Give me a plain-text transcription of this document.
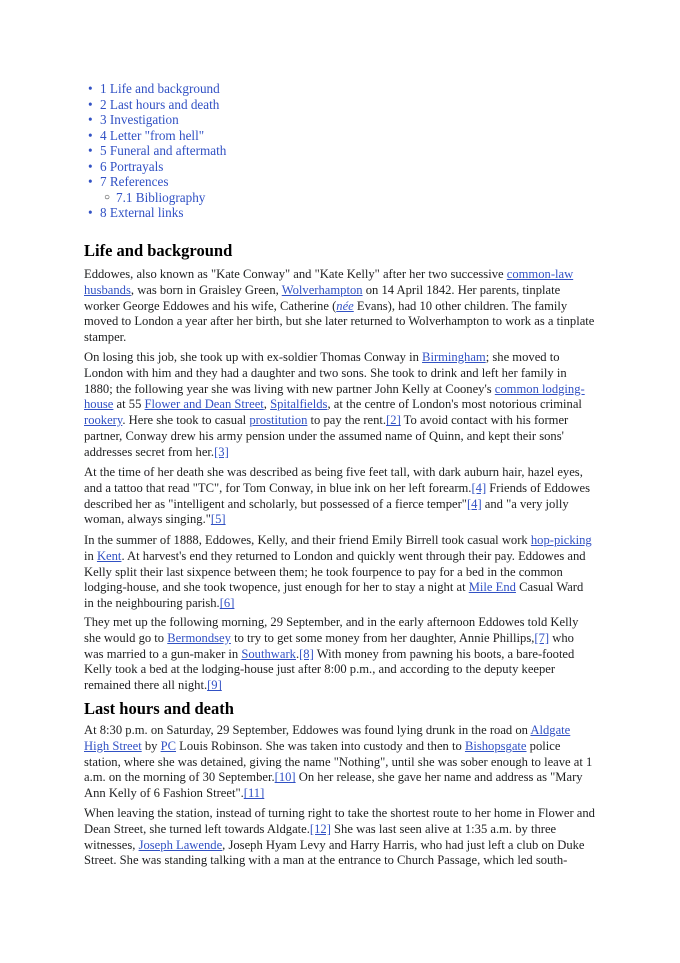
• 1 Life and background
• 2 Last hours and death
• 3 Investigation
• 4 Letter "from hell"
• 5 Funeral and aftermath
• 6 Portrayals
• 7 References
○ 7.1 Bibliography
• 8 External links
Life and background
Eddowes, also known as "Kate Conway" and "Kate Kelly" after her two successive common-law husbands, was born in Graisley Green, Wolverhampton on 14 April 1842. Her parents, tinplate worker George Eddowes and his wife, Catherine (née Evans), had 10 other children. The family moved to London a year after her birth, but she later returned to Wolverhampton to work as a tinplate stamper.
On losing this job, she took up with ex-soldier Thomas Conway in Birmingham; she moved to London with him and they had a daughter and two sons. She took to drink and left her family in 1880; the following year she was living with new partner John Kelly at Cooney's common lodging-house at 55 Flower and Dean Street, Spitalfields, at the centre of London's most notorious criminal rookery. Here she took to casual prostitution to pay the rent.[2] To avoid contact with his former partner, Conway drew his army pension under the assumed name of Quinn, and kept their sons' addresses secret from her.[3]
At the time of her death she was described as being five feet tall, with dark auburn hair, hazel eyes, and a tattoo that read "TC", for Tom Conway, in blue ink on her left forearm.[4] Friends of Eddowes described her as "intelligent and scholarly, but possessed of a fierce temper"[4] and "a very jolly woman, always singing."[5]
In the summer of 1888, Eddowes, Kelly, and their friend Emily Birrell took casual work hop-picking in Kent. At harvest's end they returned to London and quickly went through their pay. Eddowes and Kelly split their last sixpence between them; he took fourpence to pay for a bed in the common lodging-house, and she took twopence, just enough for her to stay a night at Mile End Casual Ward in the neighbouring parish.[6]
They met up the following morning, 29 September, and in the early afternoon Eddowes told Kelly she would go to Bermondsey to try to get some money from her daughter, Annie Phillips,[7] who was married to a gun-maker in Southwark.[8] With money from pawning his boots, a bare-footed Kelly took a bed at the lodging-house just after 8:00 p.m., and according to the deputy keeper remained there all night.[9]
Last hours and death
At 8:30 p.m. on Saturday, 29 September, Eddowes was found lying drunk in the road on Aldgate High Street by PC Louis Robinson. She was taken into custody and then to Bishopsgate police station, where she was detained, giving the name "Nothing", until she was sober enough to leave at 1 a.m. on the morning of 30 September.[10] On her release, she gave her name and address as "Mary Ann Kelly of 6 Fashion Street".[11]
When leaving the station, instead of turning right to take the shortest route to her home in Flower and Dean Street, she turned left towards Aldgate.[12] She was last seen alive at 1:35 a.m. by three witnesses, Joseph Lawende, Joseph Hyam Levy and Harry Harris, who had just left a club on Duke Street. She was standing talking with a man at the entrance to Church Passage, which led south-
